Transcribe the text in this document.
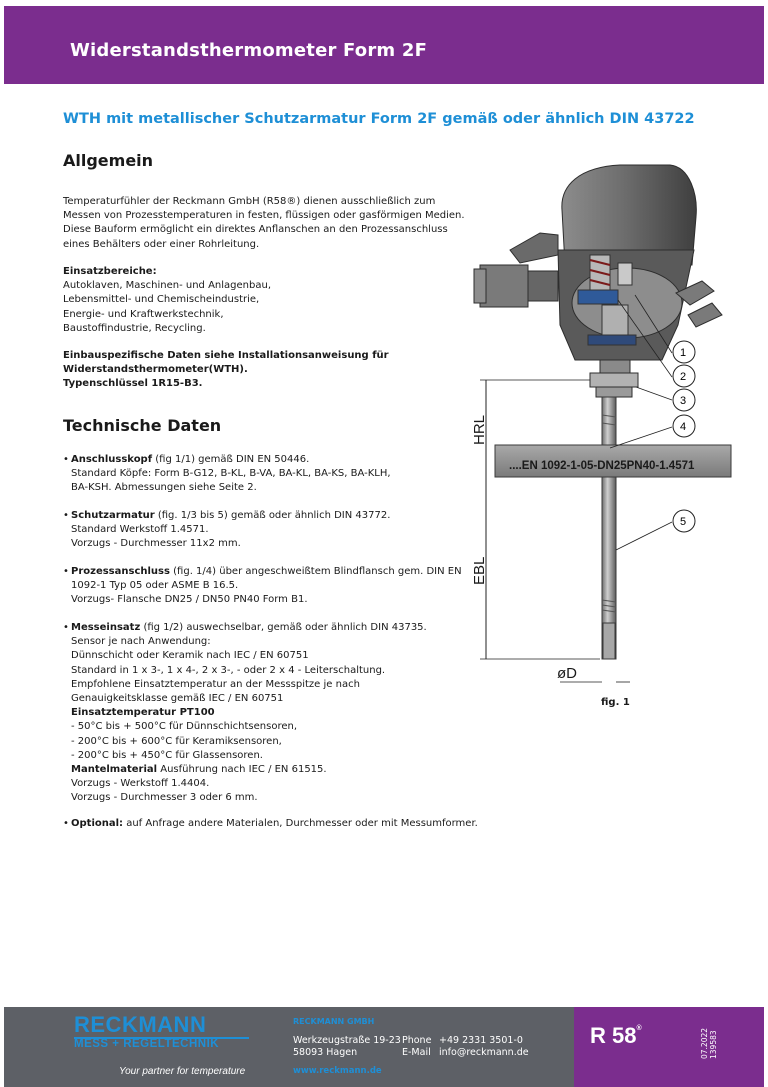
Widerstandsthermometer Form 2F
WTH mit metallischer Schutzarmatur Form 2F gemäß oder ähnlich DIN 43722
Allgemein
Temperaturfühler der Reckmann GmbH (R58®) dienen ausschließlich zum
Messen von Prozesstemperaturen in festen, flüssigen oder gasförmigen Medien.
Diese Bauform ermöglicht ein direktes Anflanschen an den Prozessanschluss
eines Behälters oder einer Rohrleitung.
Einsatzbereiche:
Autoklaven, Maschinen- und Anlagenbau,
Lebensmittel- und Chemischeindustrie,
Energie- und Kraftwerkstechnik,
Baustoffindustrie, Recycling.
Einbauspezifische Daten siehe Installationsanweisung für
Widerstandsthermometer(WTH).
Typenschlüssel 1R15-B3.
Technische Daten
• Anschlusskopf (fig 1/1) gemäß DIN EN 50446.
Standard Köpfe: Form B-G12, B-KL, B-VA, BA-KL, BA-KS, BA-KLH,
BA-KSH. Abmessungen siehe Seite 2.
• Schutzarmatur (fig. 1/3 bis 5) gemäß oder ähnlich DIN 43772.
Standard Werkstoff 1.4571.
Vorzugs - Durchmesser 11x2 mm.
• Prozessanschluss (fig. 1/4) über angeschweißtem Blindflansch gem. DIN EN
1092-1 Typ 05 oder ASME B 16.5.
Vorzugs- Flansche DN25 / DN50 PN40 Form B1.
• Messeinsatz (fig 1/2) auswechselbar, gemäß oder ähnlich DIN 43735.
Sensor je nach Anwendung:
Dünnschicht oder Keramik nach IEC / EN 60751
Standard in 1 x 3-, 1 x 4-, 2 x 3-, - oder 2 x 4 - Leiterschaltung.
Empfohlene Einsatztemperatur an der Messspitze je nach
Genauigkeitsklasse gemäß IEC / EN 60751
Einsatztemperatur PT100
- 50°C bis + 500°C für Dünnschichtsensoren,
- 200°C bis + 600°C für Keramiksensoren,
- 200°C bis + 450°C für Glassensoren.
Mantelmaterial Ausführung nach IEC / EN 61515.
Vorzugs - Werkstoff 1.4404.
Vorzugs - Durchmesser 3 oder 6 mm.
• Optional: auf Anfrage andere Materialen, Durchmesser oder mit Messumformer.
....EN 1092-1-05-DN25PN40-1.4571
HRL
EBL
øD
1
2
3
4
5
fig. 1
RECKMANN
MESS + REGELTECHNIK
Your partner for temperature
RECKMANN GMBH
Werkzeugstraße 19-23
58093 Hagen
Phone
E-Mail
+49 2331 3501-0
info@reckmann.de
www.reckmann.de
R 58®	07.2022 139583
